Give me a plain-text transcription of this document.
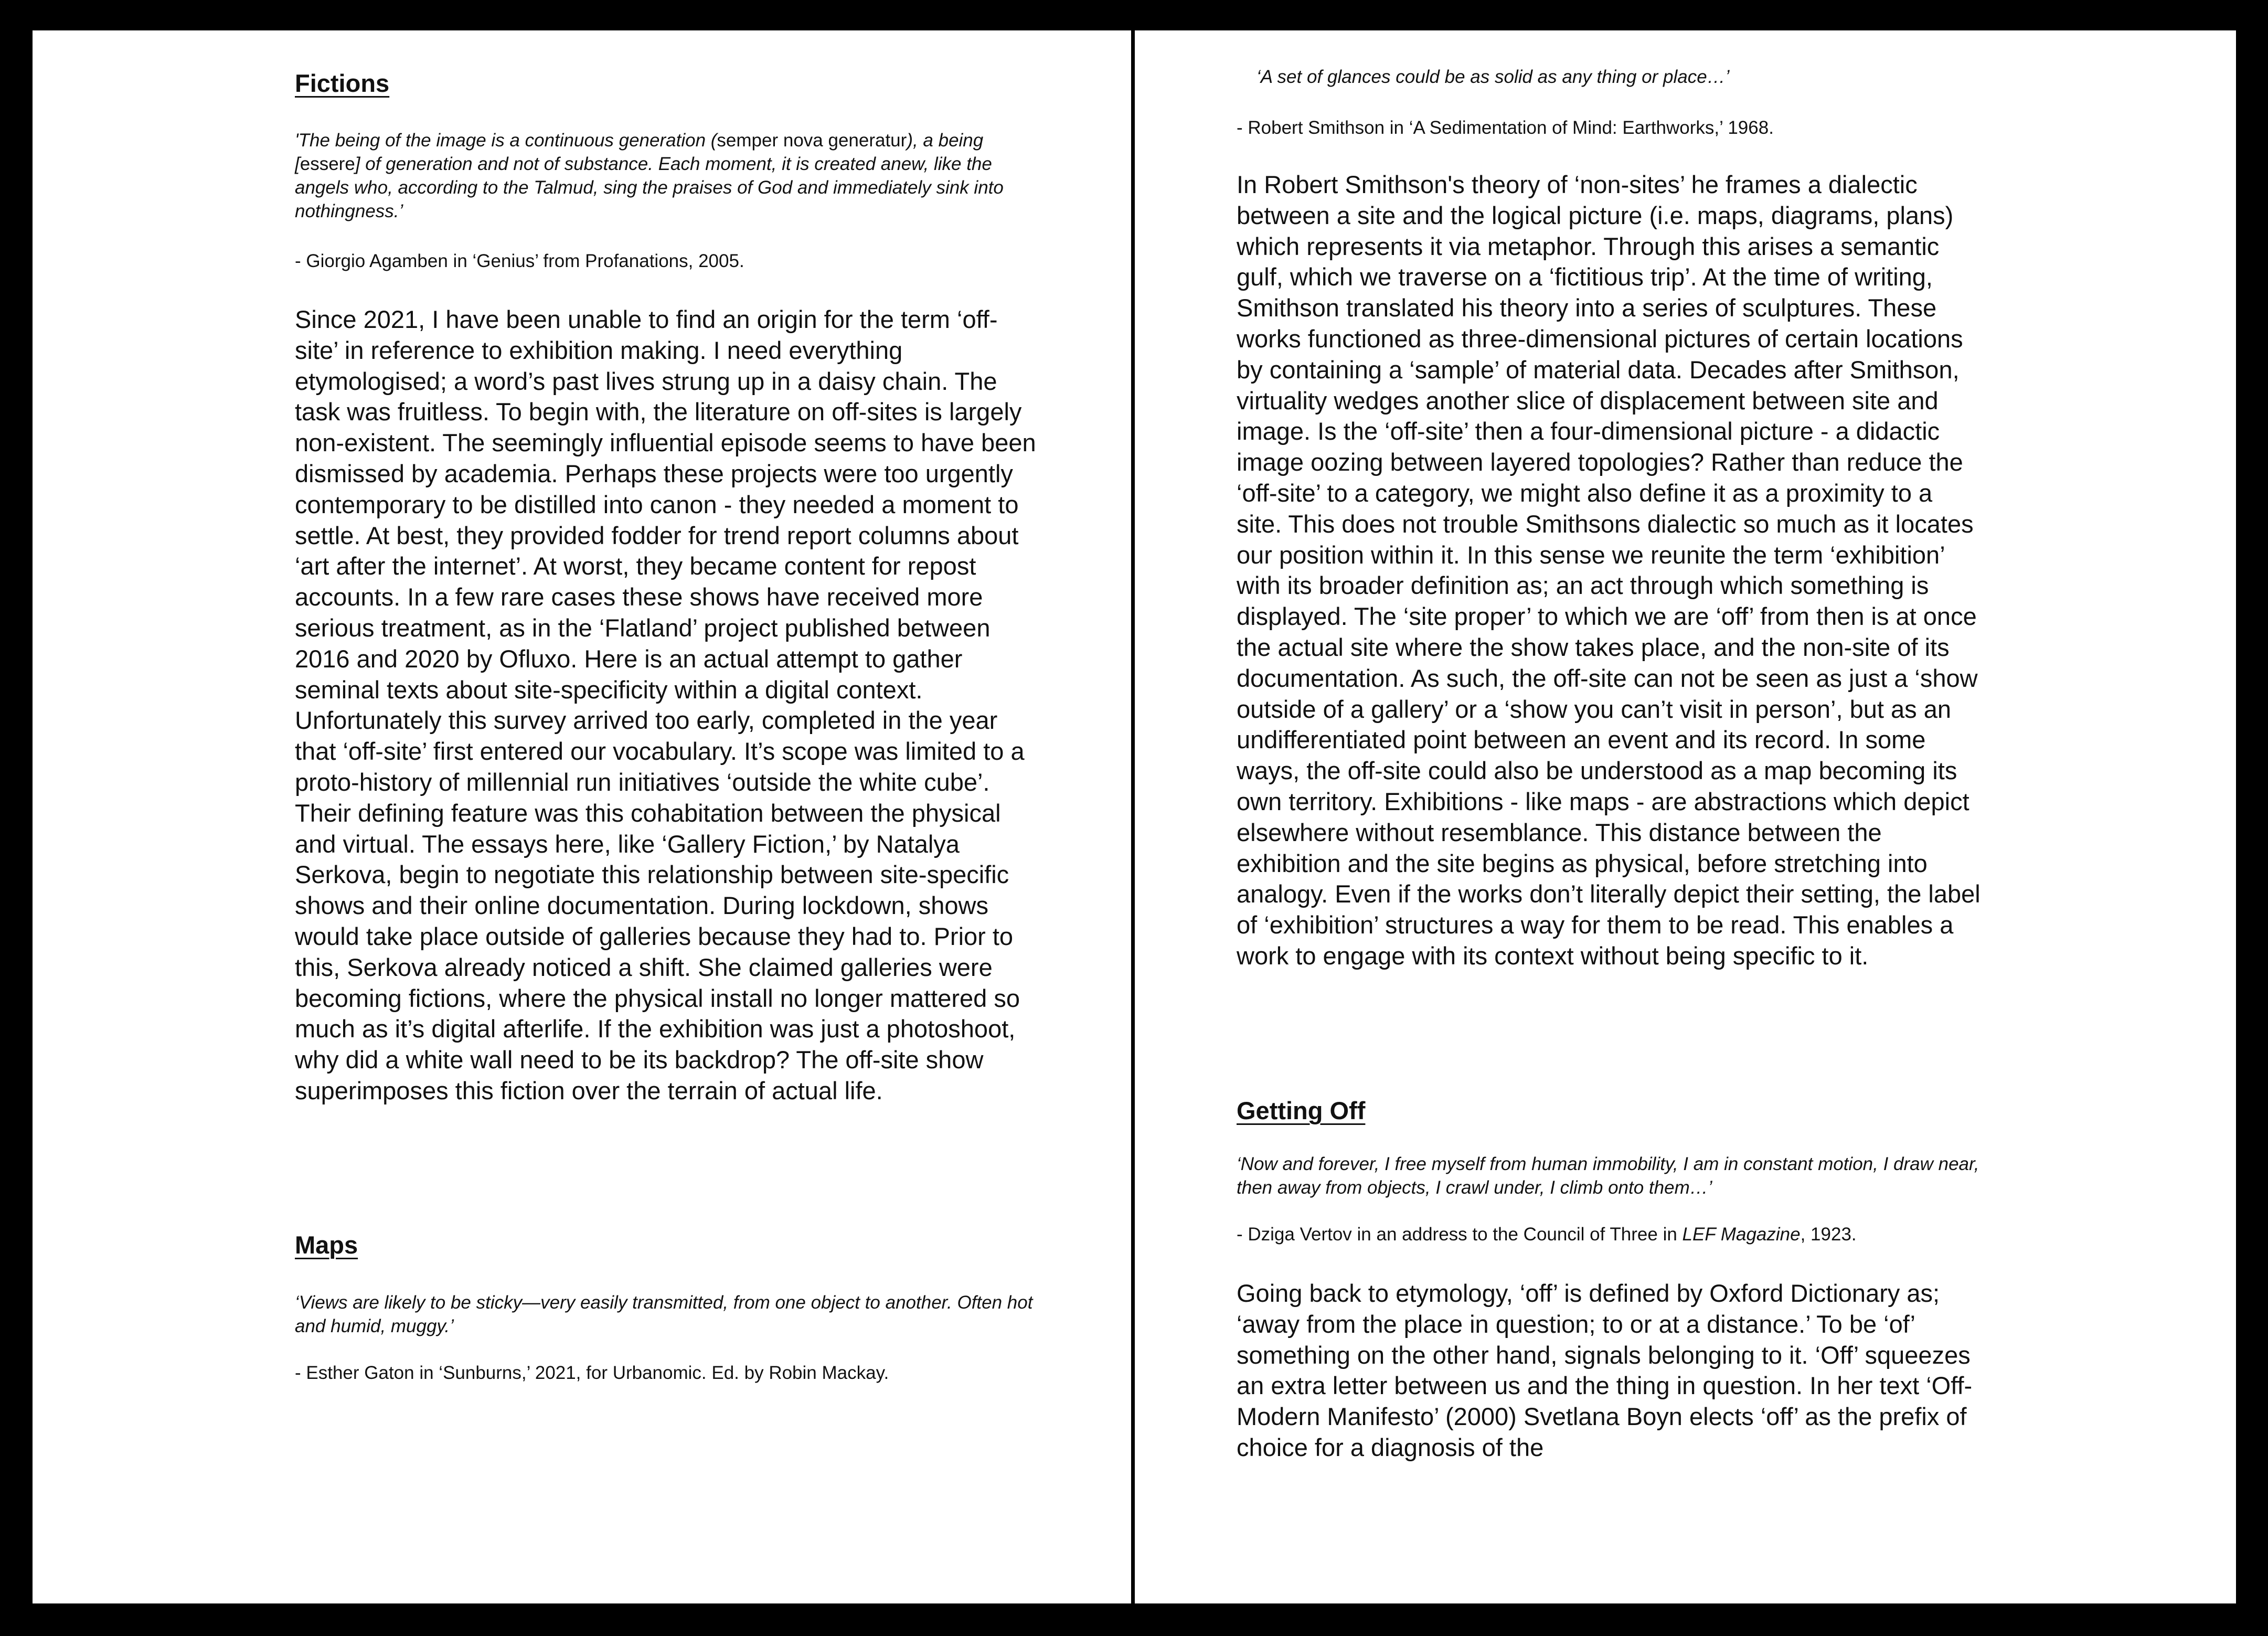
Fictions

'The being of the image is a continuous generation (semper nova generatur), a being [essere] of generation and not of substance. Each moment, it is created anew, like the angels who, according to the Talmud, sing the praises of God and immediately sink into nothingness.’

- Giorgio Agamben in ‘Genius’ from Profanations, 2005.

Since 2021, I have been unable to find an origin for the term ‘off-site’ in reference to exhibition making. I need everything etymologised; a word’s past lives strung up in a daisy chain. The task was fruitless. To begin with, the literature on off-sites is largely non-existent. The seemingly influential episode seems to have been dismissed by academia. Perhaps these projects were too urgently contemporary to be distilled into canon - they needed a moment to settle. At best, they provided fodder for trend report columns about ‘art after the internet’. At worst, they became content for repost accounts. In a few rare cases these shows have received more serious treatment, as in the ‘Flatland’ project published between 2016 and 2020 by Ofluxo. Here is an actual attempt to gather seminal texts about site-specificity within a digital context. Unfortunately this survey arrived too early, completed in the year that ‘off-site’ first entered our vocabulary. It’s scope was limited to a proto-history of millennial run initiatives ‘outside the white cube’. Their defining feature was this cohabitation between the physical and virtual. The essays here, like ‘Gallery Fiction,’ by Natalya Serkova, begin to negotiate this relationship between site-specific shows and their online documentation. During lockdown, shows would take place outside of galleries because they had to. Prior to this, Serkova already noticed a shift. She claimed galleries were becoming fictions, where the physical install no longer mattered so much as it’s digital afterlife. If the exhibition was just a photoshoot, why did a white wall need to be its backdrop? The off-site show superimposes this fiction over the terrain of actual life.

Maps

‘Views are likely to be sticky—very easily transmitted, from one object to another. Often hot and humid, muggy.’

- Esther Gaton in ‘Sunburns,’ 2021, for Urbanomic. Ed. by Robin Mackay.

‘A set of glances could be as solid as any thing or place…’

- Robert Smithson in ‘A Sedimentation of Mind: Earthworks,’ 1968.

In Robert Smithson's theory of ‘non-sites’ he frames a dialectic between a site and the logical picture (i.e. maps, diagrams, plans) which represents it via metaphor. Through this arises a semantic gulf, which we traverse on a ‘fictitious trip’. At the time of writing, Smithson translated his theory into a series of sculptures. These works functioned as three-dimensional pictures of certain locations by containing a ‘sample’ of material data. Decades after Smithson, virtuality wedges another slice of displacement between site and image. Is the ‘off-site’ then a four-dimensional picture - a didactic image oozing between layered topologies? Rather than reduce the ‘off-site’ to a category, we might also define it as a proximity to a site. This does not trouble Smithsons dialectic so much as it locates our position within it. In this sense we reunite the term ‘exhibition’ with its broader definition as; an act through which something is displayed. The ‘site proper’ to which we are ‘off’ from then is at once the actual site where the show takes place, and the non-site of its documentation. As such, the off-site can not be seen as just a ‘show outside of a gallery’ or a ‘show you can’t visit in person’, but as an undifferentiated point between an event and its record. In some ways, the off-site could also be understood as a map becoming its own territory. Exhibitions - like maps - are abstractions which depict elsewhere without resemblance. This distance between the exhibition and the site begins as physical, before stretching into analogy. Even if the works don’t literally depict their setting, the label of ‘exhibition’ structures a way for them to be read. This enables a work to engage with its context without being specific to it.

Getting Off

‘Now and forever, I free myself from human immobility, I am in constant motion, I draw near, then away from objects, I crawl under, I climb onto them…’

- Dziga Vertov in an address to the Council of Three in LEF Magazine, 1923.

Going back to etymology, ‘off’ is defined by Oxford Dictionary as; ‘away from the place in question; to or at a distance.’ To be ‘of’ something on the other hand, signals belonging to it. ‘Off’ squeezes an extra letter between us and the thing in question. In her text ‘Off-Modern Manifesto’ (2000) Svetlana Boyn elects ‘off’ as the prefix of choice for a diagnosis of the
